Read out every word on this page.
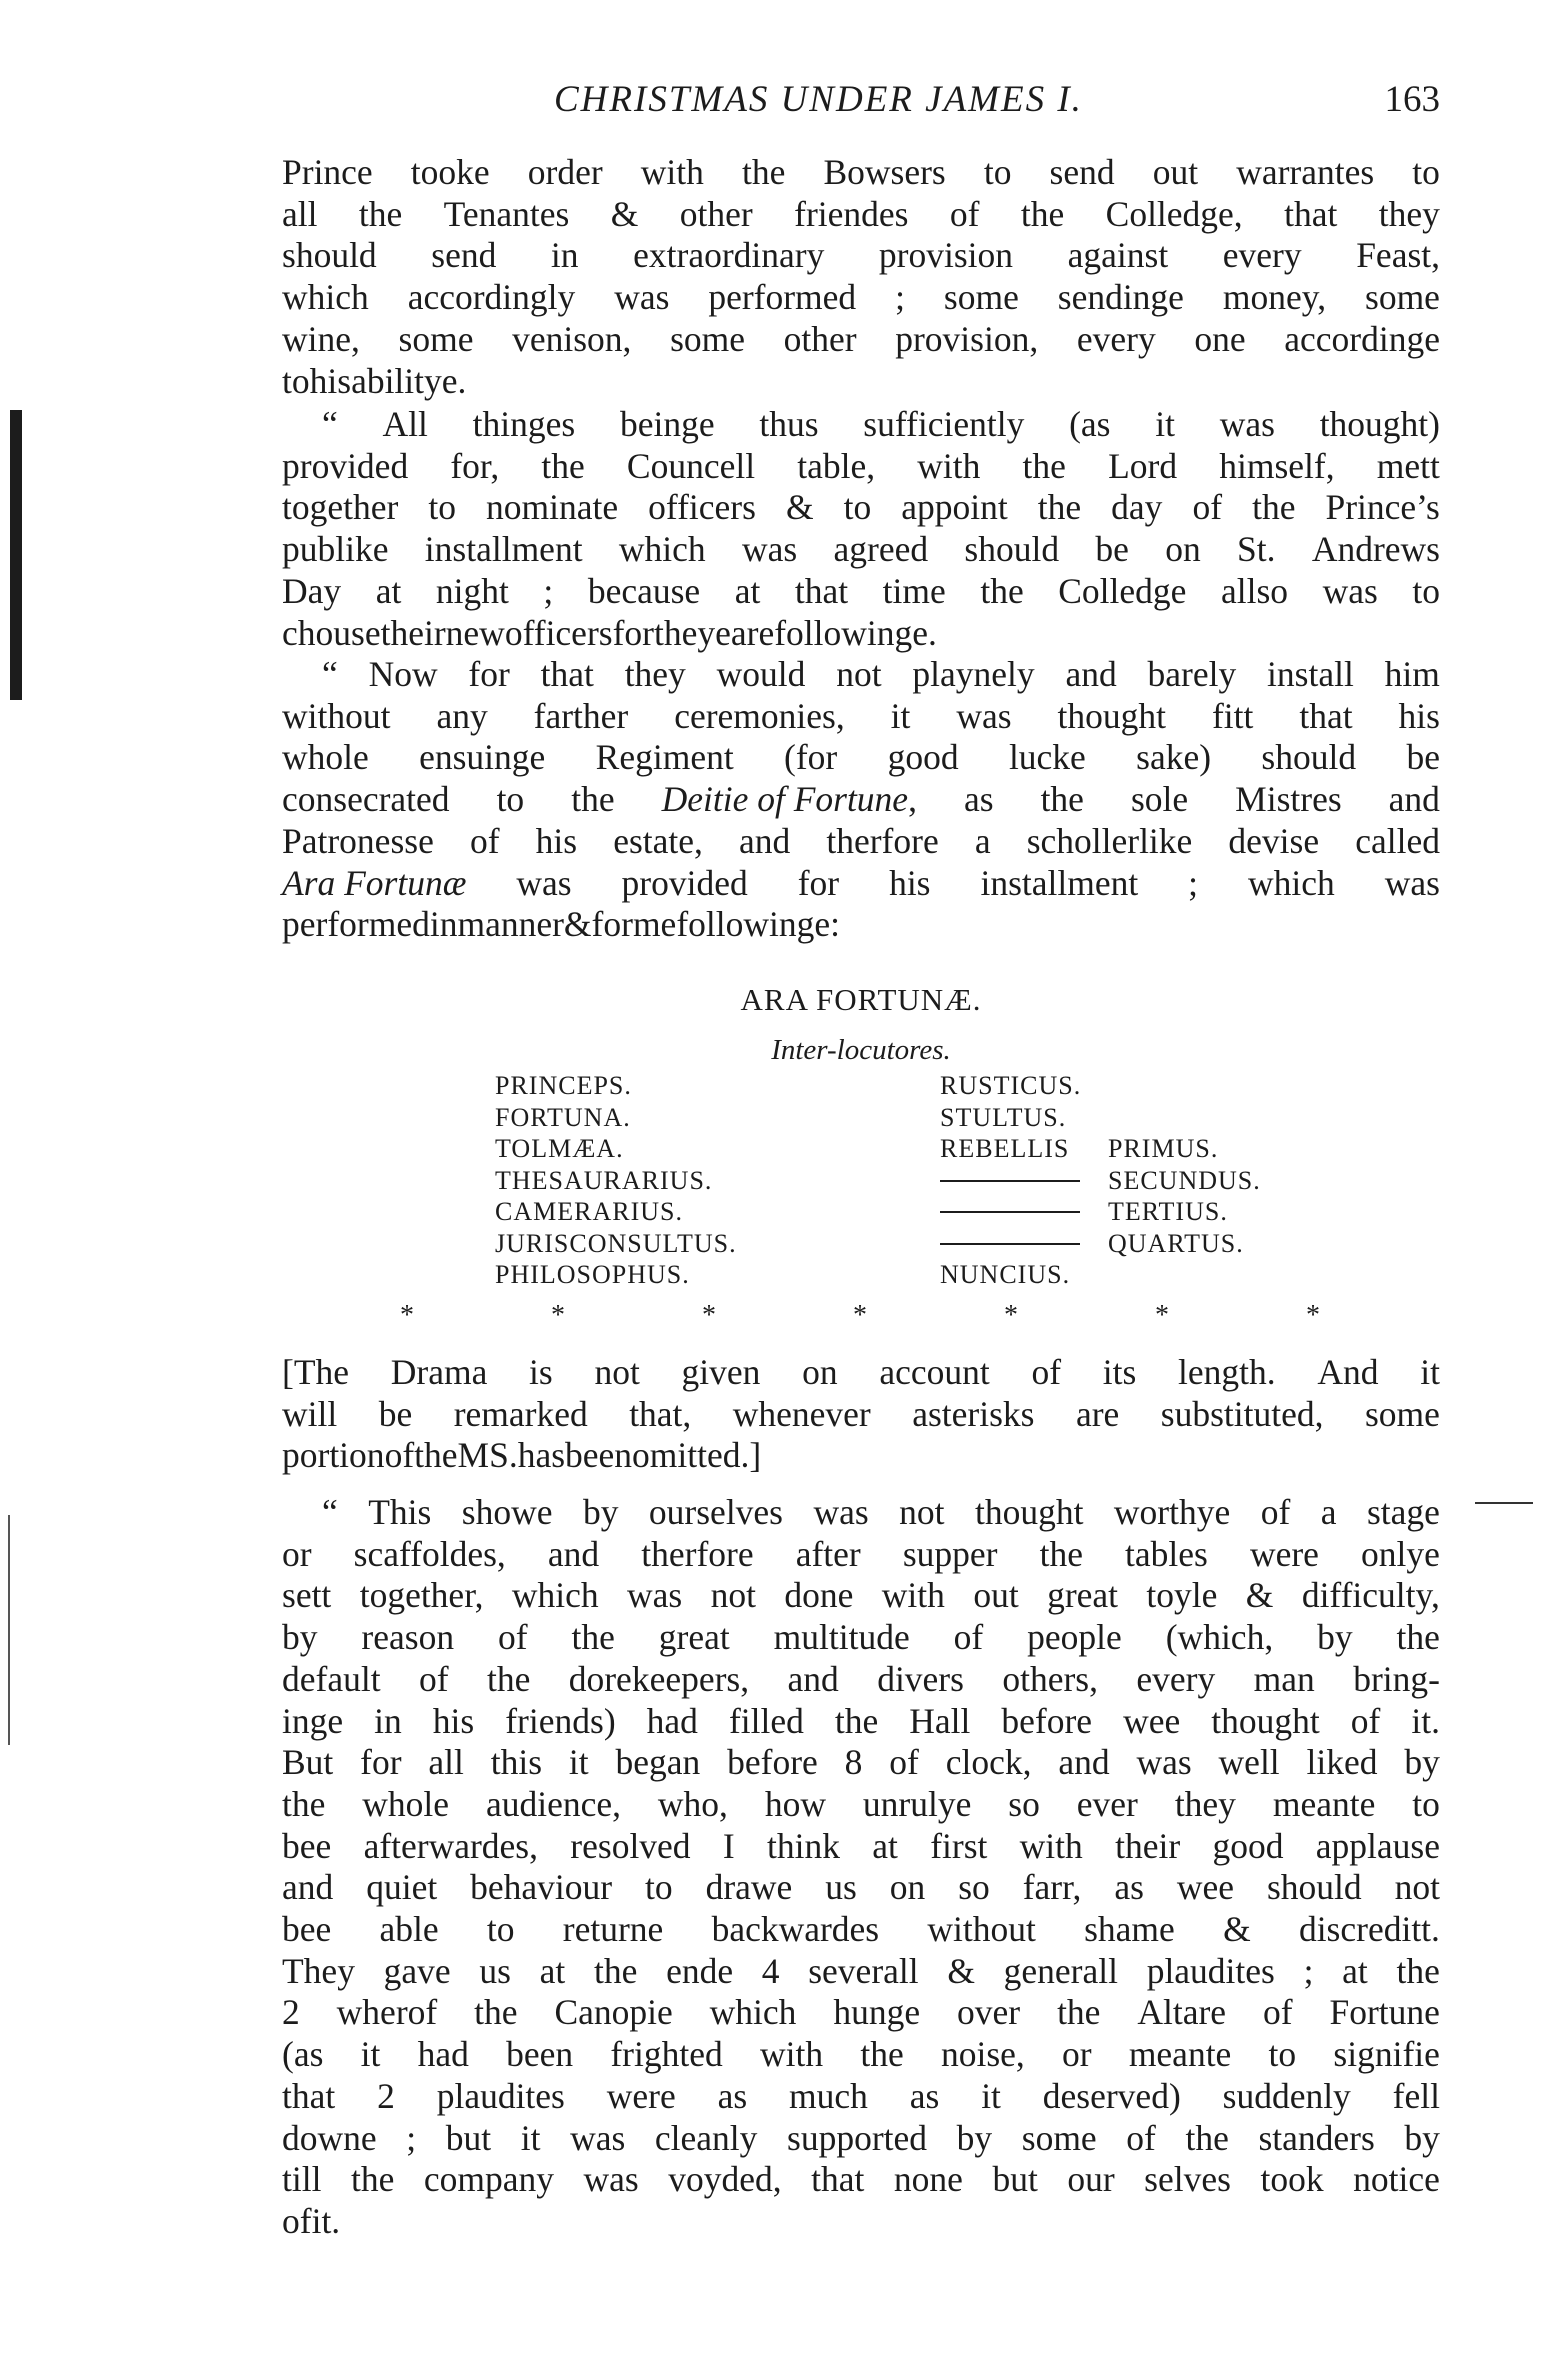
CHRISTMAS UNDER JAMES I.	163
Prince tooke order with the Bowsers to send out warrantes to
all the Tenantes & other friendes of the Colledge, that they
should send in extraordinary provision against every Feast,
which accordingly was performed ; some sendinge money, some
wine, some venison, some other provision, every one accordinge
to his abilitye.
“ All thinges beinge thus sufficiently (as it was thought)
provided for, the Councell table, with the Lord himself, mett
together to nominate officers & to appoint the day of the Prince’s
publike installment which was agreed should be on St. Andrews
Day at night ; because at that time the Colledge allso was to
chouse their new officers for the yeare followinge.
“ Now for that they would not playnely and barely install him
without any farther ceremonies, it was thought fitt that his
whole ensuinge Regiment (for good lucke sake) should be
consecrated to the Deitie of Fortune, as the sole Mistres and
Patronesse of his estate, and therfore a schollerlike devise called
Ara Fortunæ was provided for his installment ; which was
performed in manner & forme followinge :
ARA FORTUNÆ.
Inter-locutores.
PRINCEPS.	RUSTICUS.
FORTUNA.	STULTUS.
TOLMÆA.	REBELLIS PRIMUS.
THESAURARIUS.	SECUNDUS.
CAMERARIUS.	TERTIUS.
JURISCONSULTUS.	QUARTUS.
PHILOSOPHUS.	NUNCIUS.
*	*	*	*	*	*	*
[The Drama is not given on account of its length. And it
will be remarked that, whenever asterisks are substituted, some
portion of the MS. has been omitted.]
“ This showe by ourselves was not thought worthye of a stage
or scaffoldes, and therfore after supper the tables were onlye
sett together, which was not done with out great toyle & difficulty,
by reason of the great multitude of people (which, by the
default of the dorekeepers, and divers others, every man bring-
inge in his friends) had filled the Hall before wee thought of it.
But for all this it began before 8 of clock, and was well liked by
the whole audience, who, how unrulye so ever they meante to
bee afterwardes, resolved I think at first with their good applause
and quiet behaviour to drawe us on so farr, as wee should not
bee able to returne backwardes without shame & discreditt.
They gave us at the ende 4 severall & generall plaudites ; at the
2 wherof the Canopie which hunge over the Altare of Fortune
(as it had been frighted with the noise, or meante to signifie
that 2 plaudites were as much as it deserved) suddenly fell
downe ; but it was cleanly supported by some of the standers by
till the company was voyded, that none but our selves took notice
of it.
